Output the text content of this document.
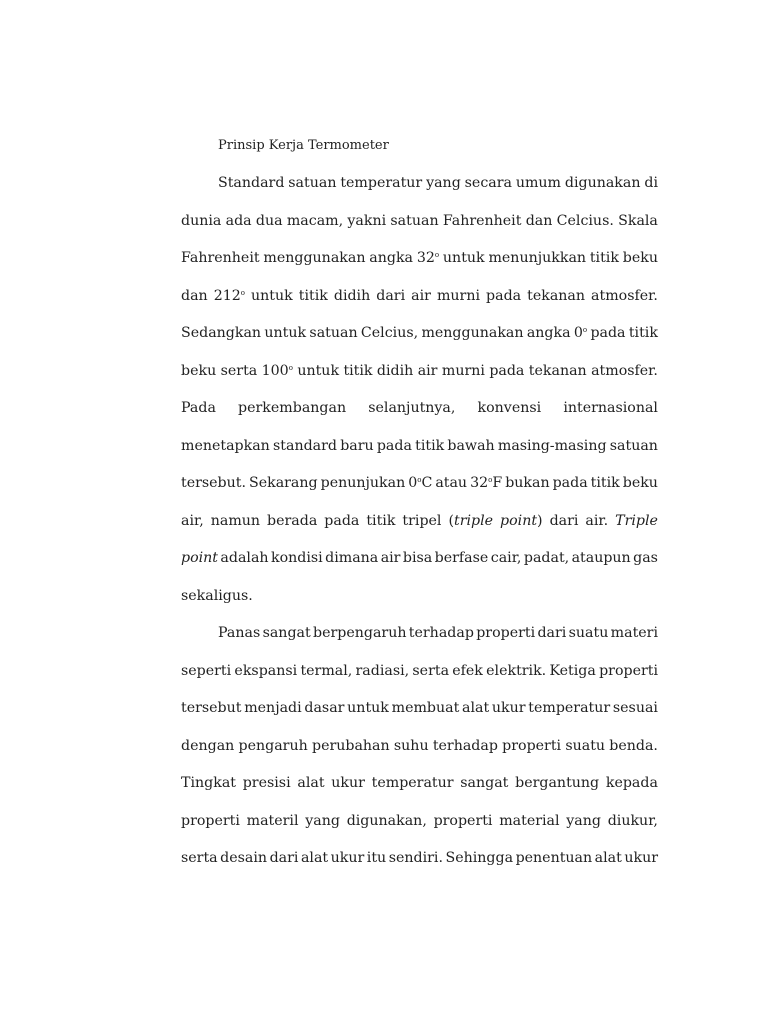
Prinsip Kerja Termometer
Standard satuan temperatur yang secara umum digunakan di
dunia ada dua macam, yakni satuan Fahrenheit dan Celcius. Skala
Fahrenheit menggunakan angka 32$^o$ untuk menunjukkan titik beku
dan 212$^o$ untuk titik didih dari air murni pada tekanan atmosfer.
Sedangkan untuk satuan Celcius, menggunakan angka 0$^o$ pada titik
beku serta 100$^o$ untuk titik didih air murni pada tekanan atmosfer.
Pada perkembangan selanjutnya, konvensi internasional
menetapkan standard baru pada titik bawah masing-masing satuan
tersebut. Sekarang penunjukan 0$^o$C atau 32$^o$F bukan pada titik beku
air, namun berada pada titik tripel (triple point) dari air. Triple
point adalah kondisi dimana air bisa berfase cair, padat, ataupun gas
sekaligus.
Panas sangat berpengaruh terhadap properti dari suatu materi
seperti ekspansi termal, radiasi, serta efek elektrik. Ketiga properti
tersebut menjadi dasar untuk membuat alat ukur temperatur sesuai
dengan pengaruh perubahan suhu terhadap properti suatu benda.
Tingkat presisi alat ukur temperatur sangat bergantung kepada
properti materil yang digunakan, properti material yang diukur,
serta desain dari alat ukur itu sendiri. Sehingga penentuan alat ukur
